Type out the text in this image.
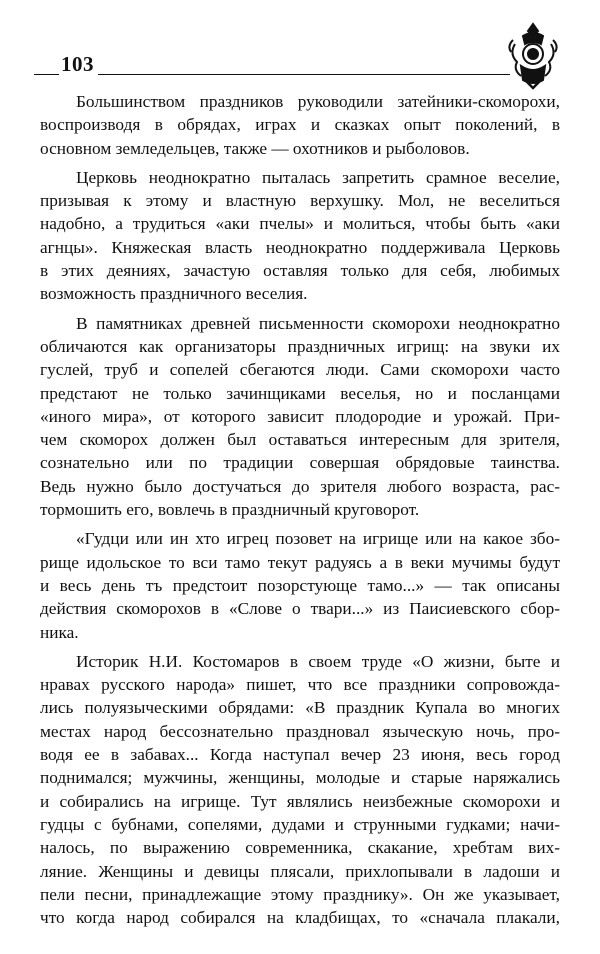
103
Большинством праздников руководили затейники-скоморохи,
воспроизводя в обрядах, играх и сказках опыт поколений, в
основном земледельцев, также — охотников и рыболовов.
Церковь неоднократно пыталась запретить срамное веселие,
призывая к этому и властную верхушку. Мол, не веселиться
надобно, а трудиться «аки пчелы» и молиться, чтобы быть «аки
агнцы». Княжеская власть неоднократно поддерживала Церковь
в этих деяниях, зачастую оставляя только для себя, любимых
возможность праздничного веселия.
В памятниках древней письменности скоморохи неоднократно
обличаются как организаторы праздничных игрищ: на звуки их
гуслей, труб и сопелей сбегаются люди. Сами скоморохи часто
предстают не только зачинщиками веселья, но и посланцами
«иного мира», от которого зависит плодородие и урожай. При-
чем скоморох должен был оставаться интересным для зрителя,
сознательно или по традиции совершая обрядовые таинства.
Ведь нужно было достучаться до зрителя любого возраста, рас-
тормошить его, вовлечь в праздничный круговорот.
«Гудци или ин хто игрец позовет на игрище или на какое збо-
рище идольское то вси тамо текут радуясь а в веки мучимы будут
и весь день тъ предстоит позорстующе тамо...» — так описаны
действия скоморохов в «Слове о твари...» из Паисиевского сбор-
ника.
Историк Н.И. Костомаров в своем труде «О жизни, быте и
нравах русского народа» пишет, что все праздники сопровожда-
лись полуязыческими обрядами: «В праздник Купала во многих
местах народ бессознательно праздновал языческую ночь, про-
водя ее в забавах... Когда наступал вечер 23 июня, весь город
поднимался; мужчины, женщины, молодые и старые наряжались
и собирались на игрище. Тут являлись неизбежные скоморохи и
гудцы с бубнами, сопелями, дудами и струнными гудками; начи-
налось, по выражению современника, скакание, хребтам вих-
ляние. Женщины и девицы плясали, прихлопывали в ладоши и
пели песни, принадлежащие этому празднику». Он же указывает,
что когда народ собирался на кладбищах, то «сначала плакали,
